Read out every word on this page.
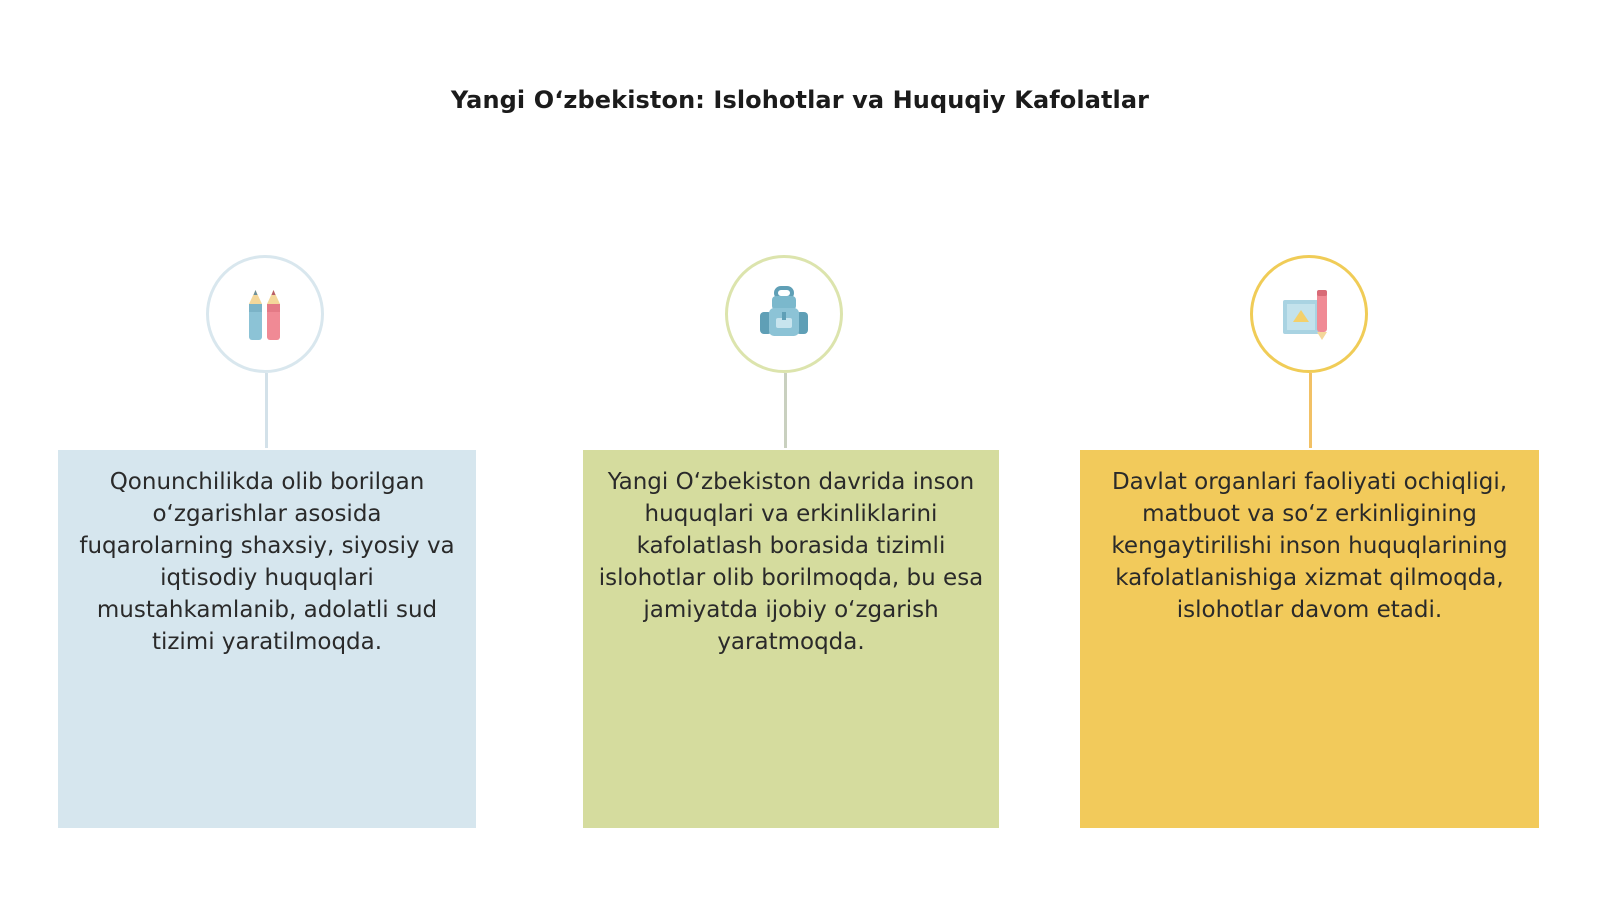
Yangi O‘zbekiston: Islohotlar va Huquqiy Kafolatlar

Qonunchilikda olib borilgan o‘zgarishlar asosida fuqarolarning shaxsiy, siyosiy va iqtisodiy huquqlari mustahkamlanib, adolatli sud tizimi yaratilmoqda.

Yangi O‘zbekiston davrida inson huquqlari va erkinliklarini kafolatlash borasida tizimli islohotlar olib borilmoqda, bu esa jamiyatda ijobiy o‘zgarish yaratmoqda.

Davlat organlari faoliyati ochiqligi, matbuot va so‘z erkinligining kengaytirilishi inson huquqlarining kafolatlanishiga xizmat qilmoqda, islohotlar davom etadi.
